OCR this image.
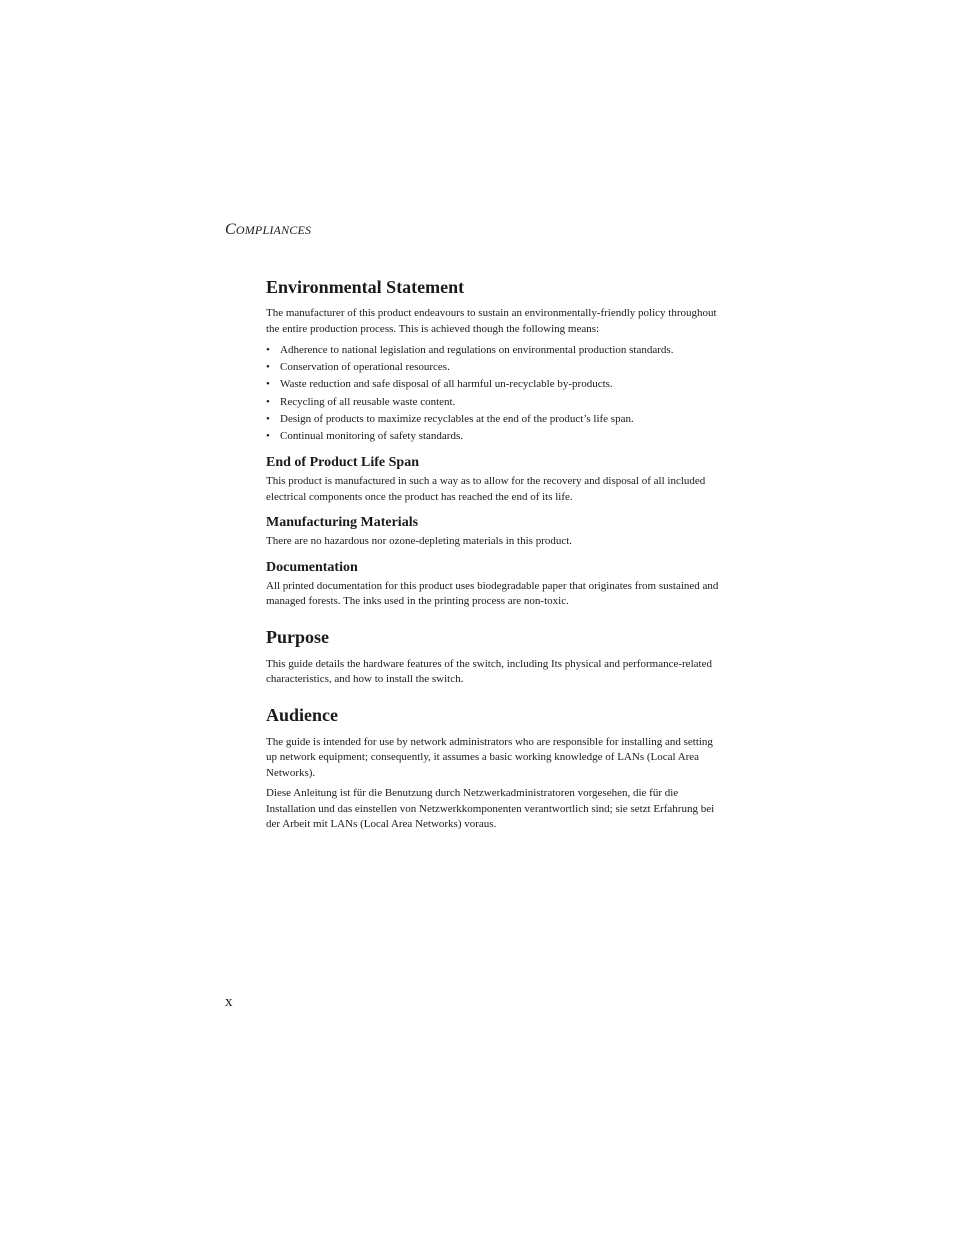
COMPLIANCES
Environmental Statement

The manufacturer of this product endeavours to sustain an environmentally-friendly policy throughout the entire production process. This is achieved though the following means:

• Adherence to national legislation and regulations on environmental production standards.
• Conservation of operational resources.
• Waste reduction and safe disposal of all harmful un-recyclable by-products.
• Recycling of all reusable waste content.
• Design of products to maximize recyclables at the end of the product’s life span.
• Continual monitoring of safety standards.
End of Product Life Span

This product is manufactured in such a way as to allow for the recovery and disposal of all included electrical components once the product has reached the end of its life.

Manufacturing Materials

There are no hazardous nor ozone-depleting materials in this product.

Documentation

All printed documentation for this product uses biodegradable paper that originates from sustained and managed forests. The inks used in the printing process are non-toxic.

Purpose

This guide details the hardware features of the switch, including Its physical and performance-related characteristics, and how to install the switch.

Audience

The guide is intended for use by network administrators who are responsible for installing and setting up network equipment; consequently, it assumes a basic working knowledge of LANs (Local Area Networks).

Diese Anleitung ist für die Benutzung durch Netzwerkadministratoren vorgesehen, die für die Installation und das einstellen von Netzwerkkomponenten verantwortlich sind; sie setzt Erfahrung bei der Arbeit mit LANs (Local Area Networks) voraus.

x
